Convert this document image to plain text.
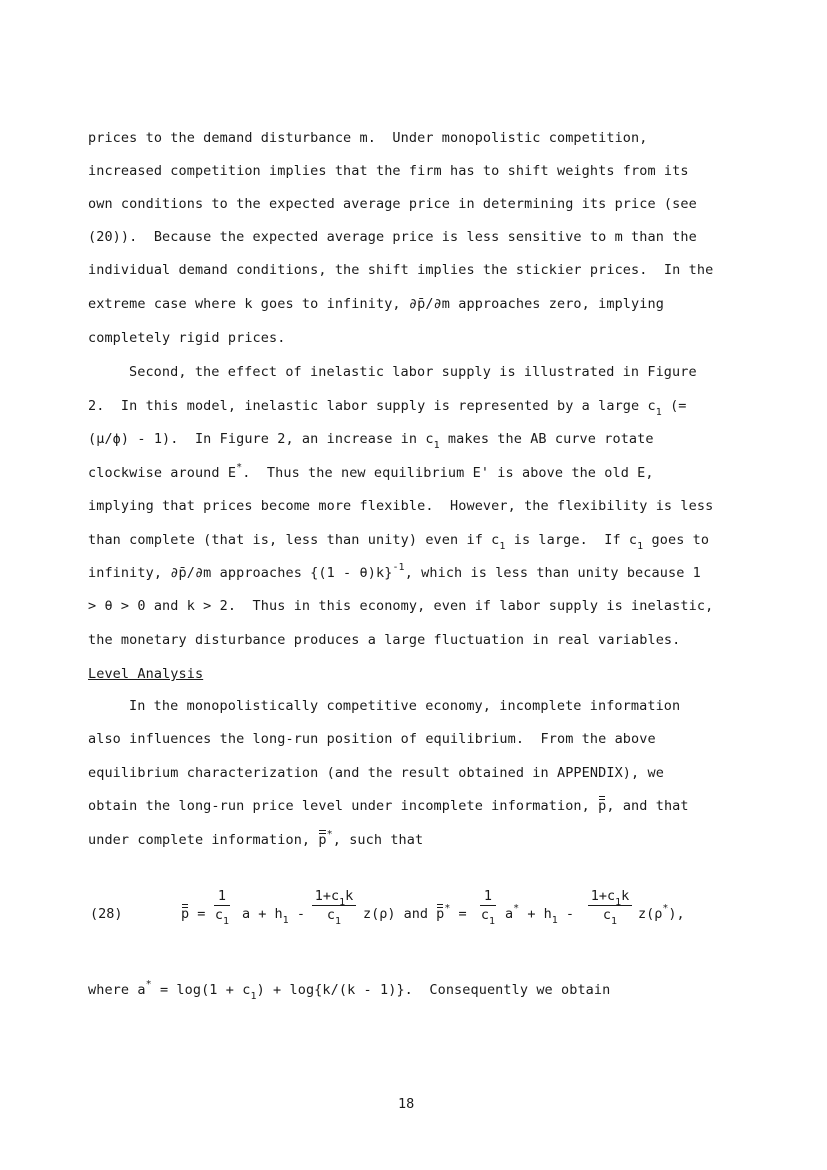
prices to the demand disturbance m.  Under monopolistic competition,
increased competition implies that the firm has to shift weights from its
own conditions to the expected average price in determining its price (see
(20)).  Because the expected average price is less sensitive to m than the
individual demand conditions, the shift implies the stickier prices.  In the
extreme case where k goes to infinity, ∂p̄/∂m approaches zero, implying
completely rigid prices.
Second, the effect of inelastic labor supply is illustrated in Figure
2.  In this model, inelastic labor supply is represented by a large $c_1$ (=
(μ/ϕ) - 1).  In Figure 2, an increase in $c_1$ makes the AB curve rotate
clockwise around E*.  Thus the new equilibrium E' is above the old E,
implying that prices become more flexible.  However, the flexibility is less
than complete (that is, less than unity) even if $c_1$ is large.  If $c_1$ goes to
infinity, ∂p̄/∂m approaches {(1 - θ)k}$^{-1}$, which is less than unity because 1
> θ > 0 and k > 2.  Thus in this economy, even if labor supply is inelastic,
the monetary disturbance produces a large fluctuation in real variables.
Level Analysis
In the monopolistically competitive economy, incomplete information
also influences the long-run position of equilibrium.  From the above
equilibrium characterization (and the result obtained in APPENDIX), we
obtain the long-run price level under incomplete information, p, and that
under complete information, p*, such that
(28)	p =
1
$c_1$ $a + h_1$ -
$1+c_1k$
$c_1$	z(ρ) and p* =
1
$c_1$ $a^* + h_1$ -
$1+c_1k$
$c_1$	z(ρ*),
where $a^* = \log(1 + c_1) + \log\{k/(k - 1)\}$.  Consequently we obtain
18
